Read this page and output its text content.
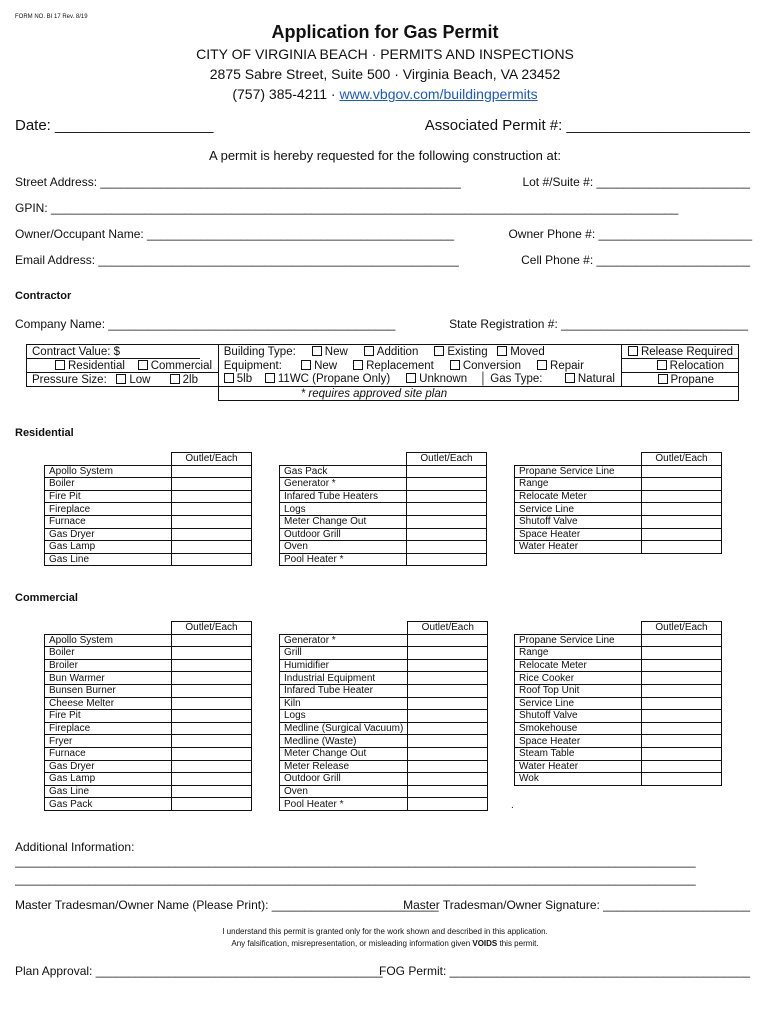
FORM NO. BI 17 Rev. 8/19
Application for Gas Permit
CITY OF VIRGINIA BEACH · PERMITS AND INSPECTIONS
2875 Sabre Street, Suite 500 · Virginia Beach, VA 23452
(757) 385-4211 · www.vbgov.com/buildingpermits
Date: ___________________	Associated Permit #: ______________________
A permit is hereby requested for the following construction at:
Street Address: ______________________________________________________	Lot #/Suite #: _______________________
GPIN: ______________________________________________________________________________________________
Owner/Occupant Name: ______________________________________________	Owner Phone #: _______________________
Email Address: ______________________________________________________	Cell Phone #: _______________________
Contractor
Company Name: ___________________________________________	State Registration #: ____________________________
Contract Value: $		Building Type: New Addition Existing Moved	Release Required
Residential Commercial		Equipment: New Replacement Conversion Repair	Relocation
Pressure Size: Low 2lb		5lb 11WC (Propane Only) Unknown    │ Gas Type: Natural	Propane
		* requires approved site plan	
Residential
	Outlet/Each
Apollo System	
Boiler	
Fire Pit	
Fireplace	
Furnace	
Gas Dryer	
Gas Lamp	
Gas Line	
	Outlet/Each
Gas Pack	
Generator *	
Infared Tube Heaters	
Logs	
Meter Change Out	
Outdoor Grill	
Oven	
Pool Heater *	
	Outlet/Each
Propane Service Line	
Range	
Relocate Meter	
Service Line	
Shutoff Valve	
Space Heater	
Water Heater	
Commercial
	Outlet/Each
Apollo System	
Boiler	
Broiler	
Bun Warmer	
Bunsen Burner	
Cheese Melter	
Fire Pit	
Fireplace	
Fryer	
Furnace	
Gas Dryer	
Gas Lamp	
Gas Line	
Gas Pack	
	Outlet/Each
Generator *	
Grill	
Humidifier	
Industrial Equipment	
Infared Tube Heater	
Kiln	
Logs	
Medline (Surgical Vacuum)	
Medline (Waste)	
Meter Change Out	
Meter Release	
Outdoor Grill	
Oven	
Pool Heater *	
	Outlet/Each
Propane Service Line	
Range	
Relocate Meter	
Rice Cooker	
Roof Top Unit	
Service Line	
Shutoff Valve	
Smokehouse	
Space Heater	
Steam Table	
Water Heater	
Wok	
.
Additional Information:
______________________________________________________________________________________________________
______________________________________________________________________________________________________
Master Tradesman/Owner Name (Please Print): _________________________
Master Tradesman/Owner Signature: ______________________
I understand this permit is granted only for the work shown and described in this application.
Any falsification, misrepresentation, or misleading information given VOIDS this permit.
Plan Approval: ___________________________________________
FOG Permit: _____________________________________________
